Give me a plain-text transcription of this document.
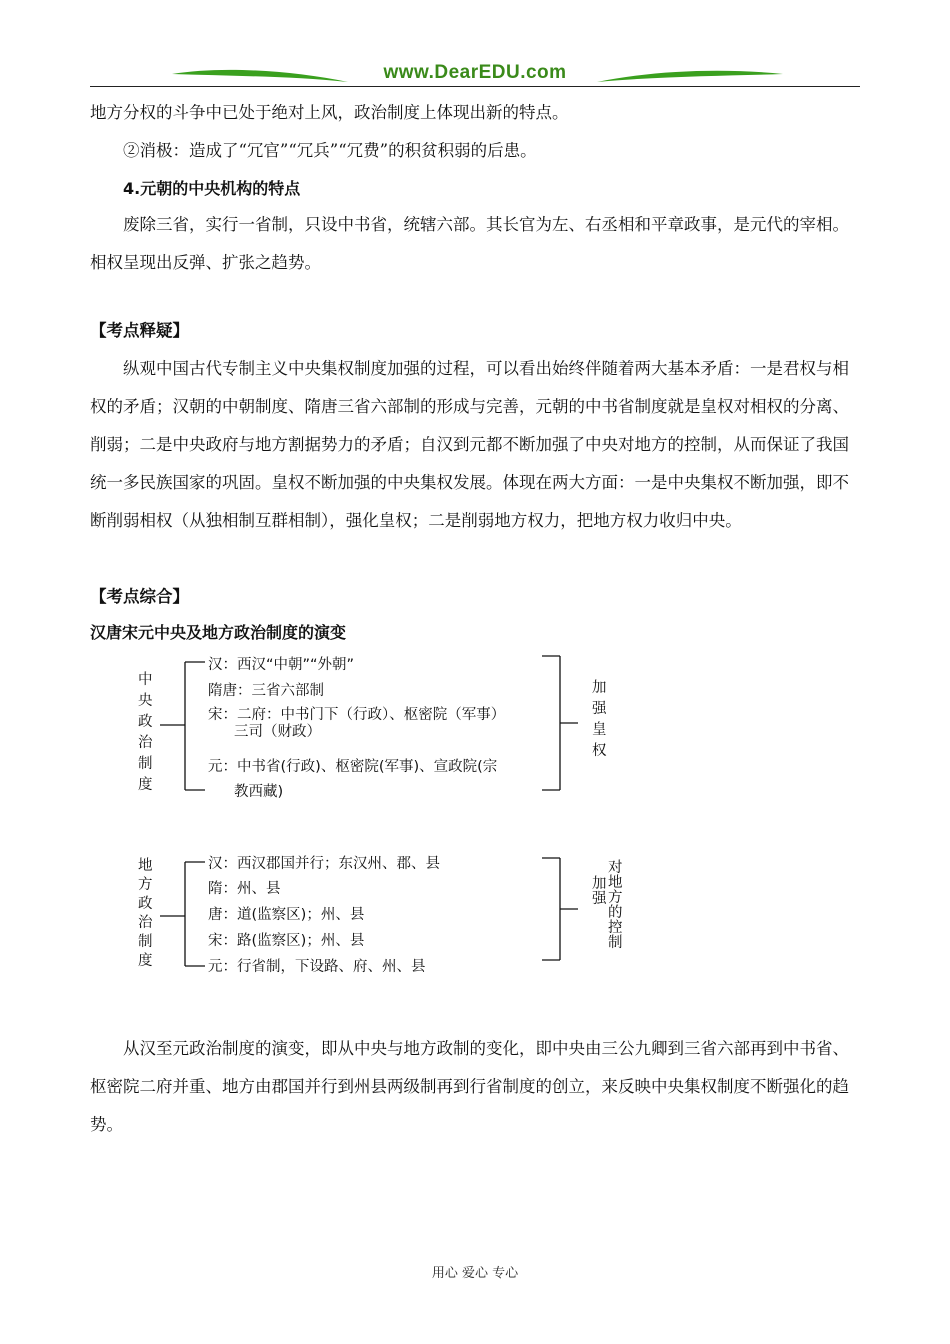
www.DearEDU.com

地方分权的斗争中已处于绝对上风，政治制度上体现出新的特点。

②消极：造成了“冗官”“冗兵”“冗费”的积贫积弱的后患。

4.元朝的中央机构的特点

废除三省，实行一省制，只设中书省，统辖六部。其长官为左、右丞相和平章政事，是元代的宰相。相权呈现出反弹、扩张之趋势。

【考点释疑】

纵观中国古代专制主义中央集权制度加强的过程，可以看出始终伴随着两大基本矛盾：一是君权与相权的矛盾；汉朝的中朝制度、隋唐三省六部制的形成与完善，元朝的中书省制度就是皇权对相权的分离、削弱；二是中央政府与地方割据势力的矛盾；自汉到元都不断加强了中央对地方的控制，从而保证了我国统一多民族国家的巩固。皇权不断加强的中央集权发展。体现在两大方面：一是中央集权不断加强，即不断削弱相权（从独相制互群相制），强化皇权；二是削弱地方权力，把地方权力收归中央。

【考点综合】

汉唐宋元中央及地方政治制度的演变

中央政治制度
汉：西汉“中朝”“外朝”
隋唐：三省六部制
宋：二府：中书门下（行政）、枢密院（军事）
三司（财政）
元：中书省(行政)、枢密院(军事)、宣政院(宗
教西藏)
加强皇权
地方政治制度
汉：西汉郡国并行；东汉州、郡、县
隋：州、县
唐：道(监察区)；州、县
宋：路(监察区)；州、县
元：行省制，下设路、府、州、县
加强对地方的控制

从汉至元政治制度的演变，即从中央与地方政制的变化，即中央由三公九卿到三省六部再到中书省、枢密院二府并重、地方由郡国并行到州县两级制再到行省制度的创立，来反映中央集权制度不断强化的趋势。

用心 爱心 专心
